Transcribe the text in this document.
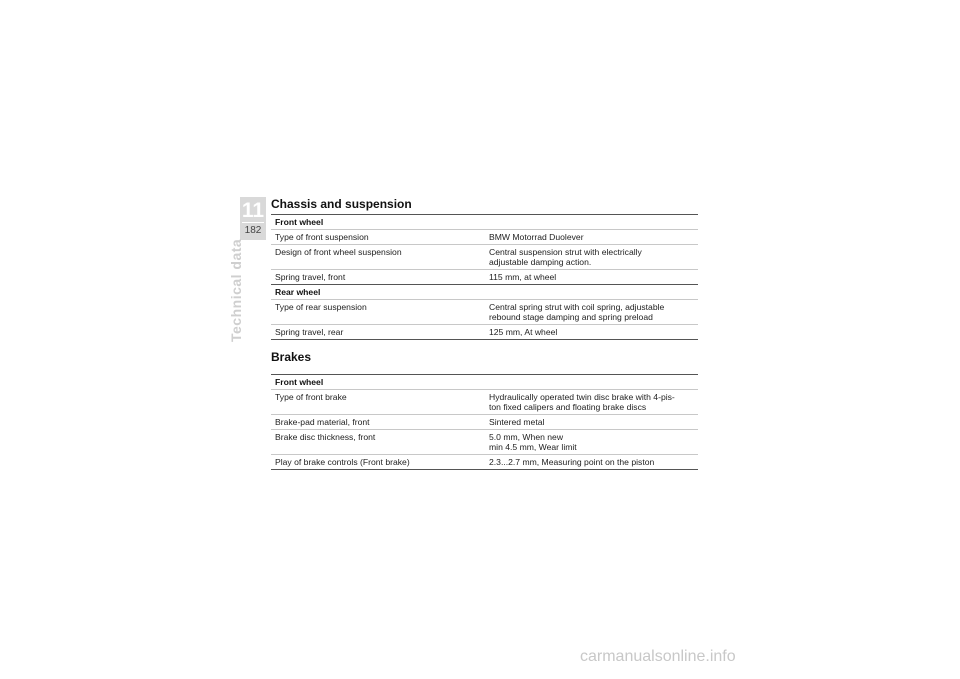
11
182
Technical data
Chassis and suspension
Front wheel	
Type of front suspension	BMW Motorrad Duolever

Design of front wheel suspension	Central suspension strut with electrically
adjustable damping action.

Spring travel, front	115 mm, at wheel

Rear wheel	
Type of rear suspension	Central spring strut with coil spring, adjustable
rebound stage damping and spring preload

Spring travel, rear	125 mm, At wheel
Brakes
Front wheel	
Type of front brake	Hydraulically operated twin disc brake with 4-pis-
ton fixed calipers and floating brake discs

Brake-pad material, front	Sintered metal

Brake disc thickness, front	5.0 mm, When new
min 4.5 mm, Wear limit

Play of brake controls (Front brake)	2.3...2.7 mm, Measuring point on the piston
carmanualsonline.info
